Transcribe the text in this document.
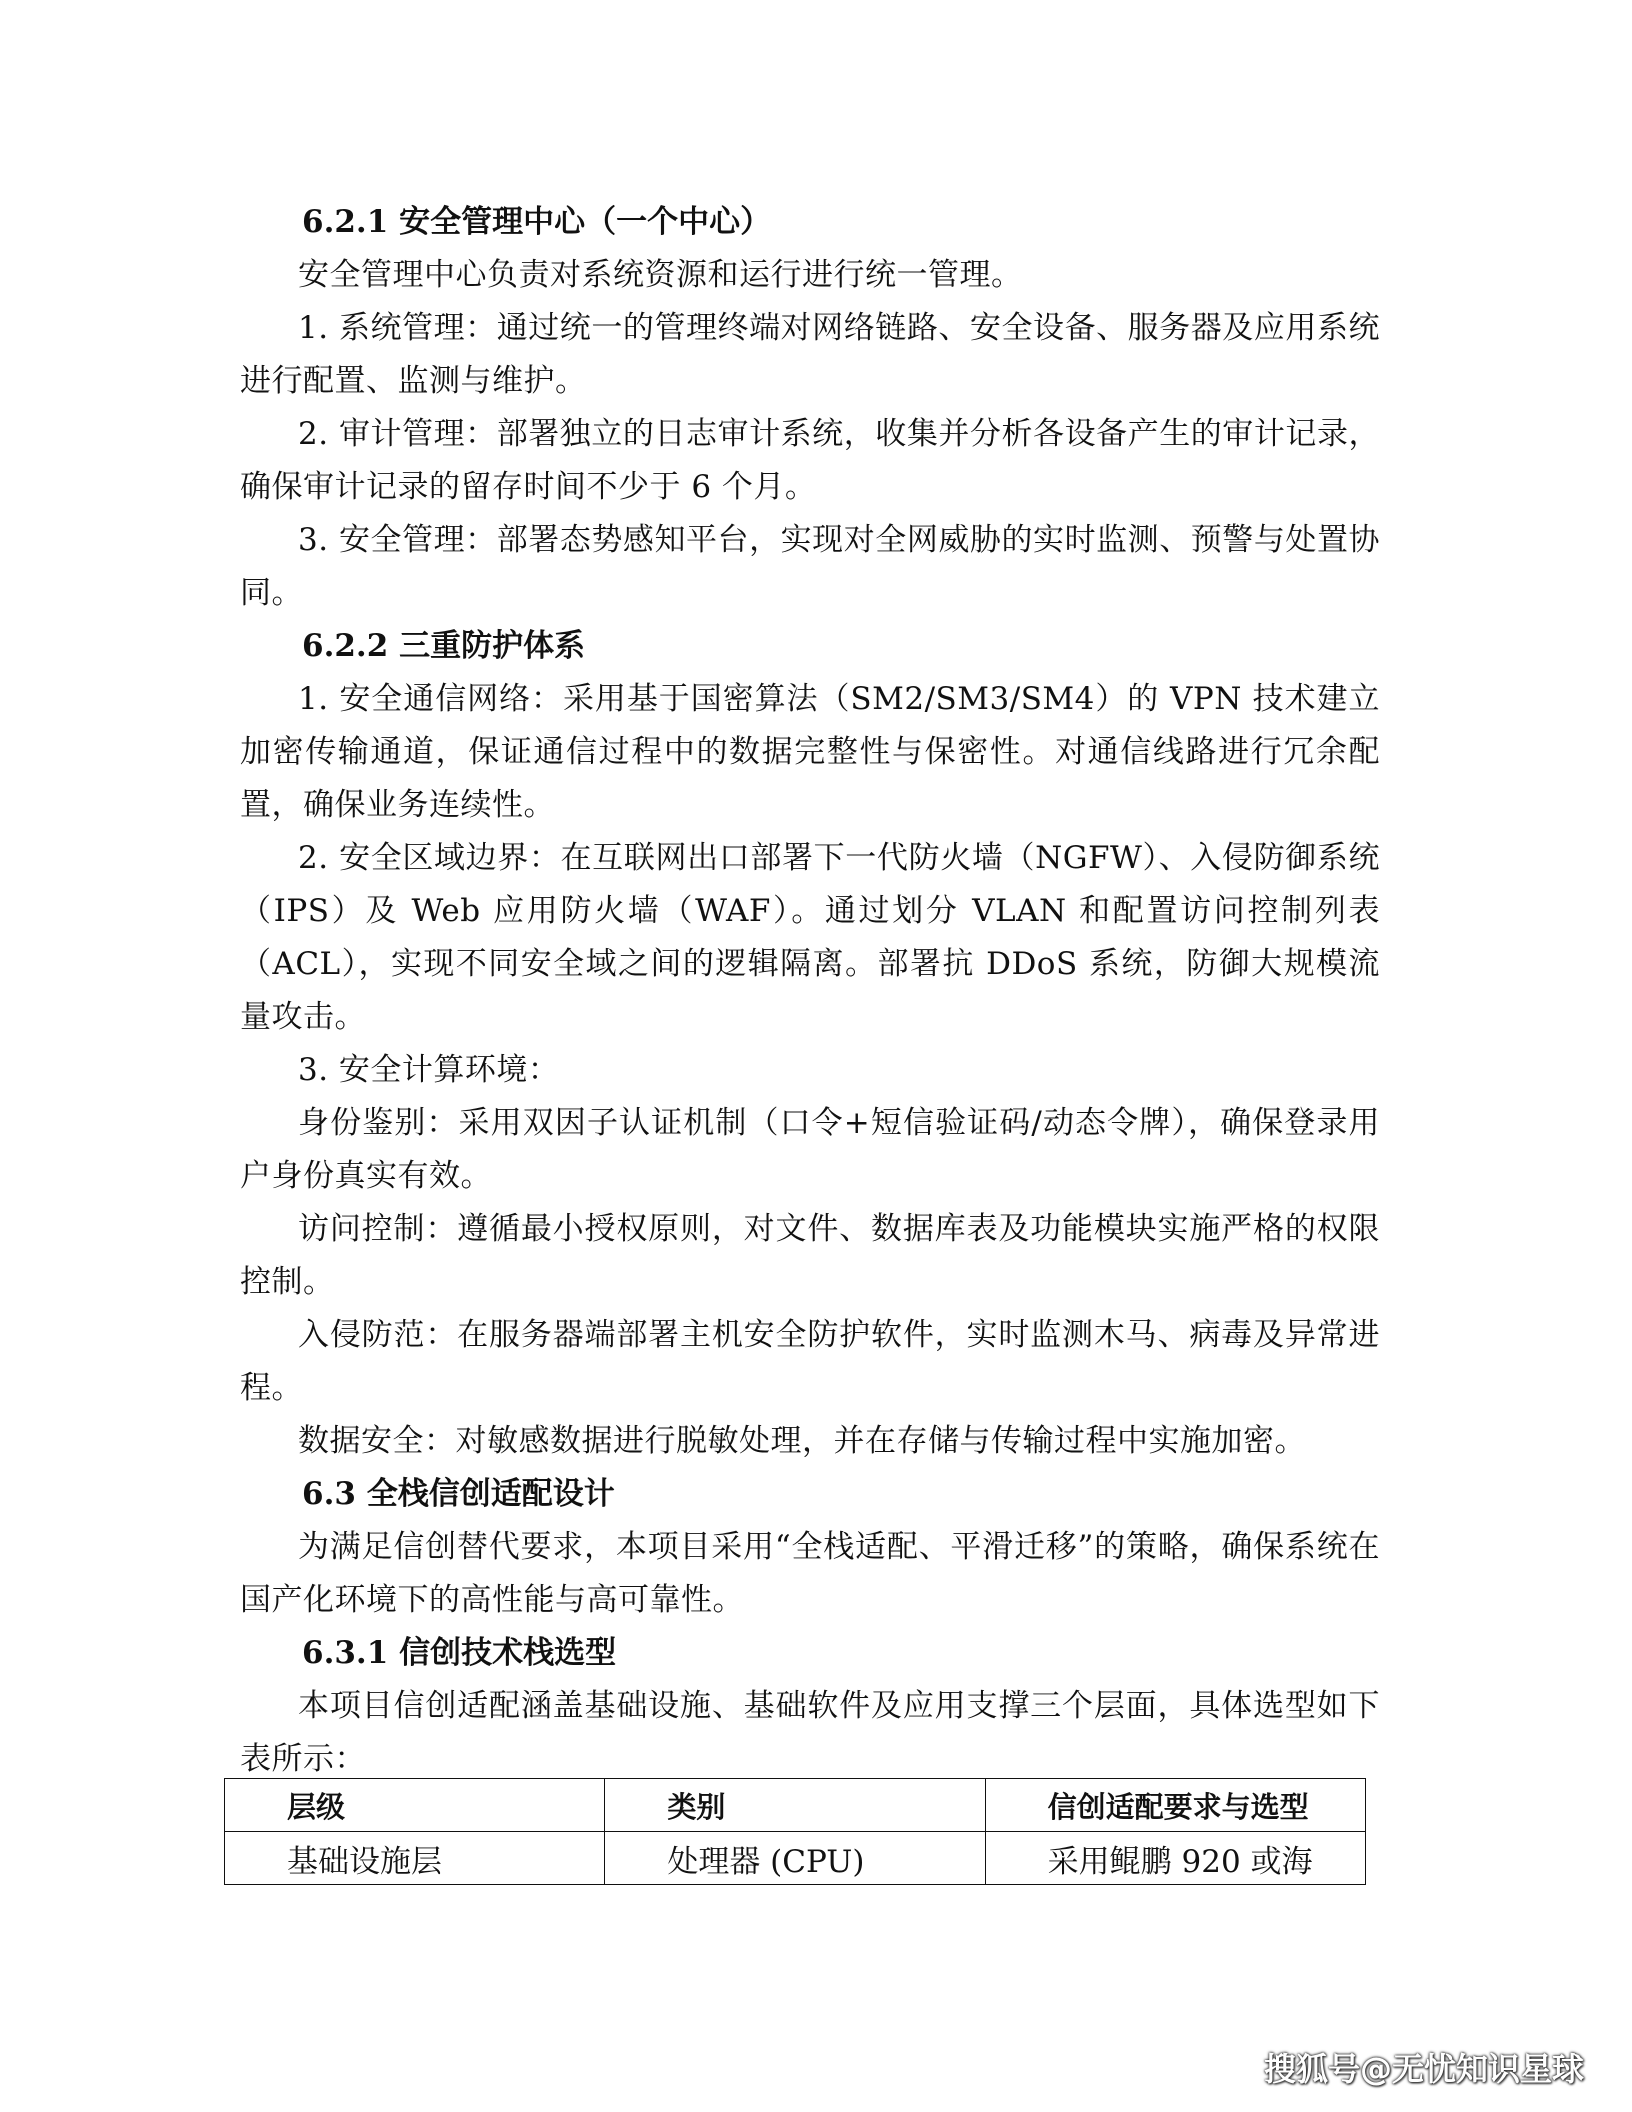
6.2.1 安全管理中心（一个中心）
安全管理中心负责对系统资源和运行进行统一管理。
1. 系统管理：通过统一的管理终端对网络链路、安全设备、服务器及应用系统进行配置、监测与维护。
2. 审计管理：部署独立的日志审计系统，收集并分析各设备产生的审计记录，确保审计记录的留存时间不少于 6 个月。
3. 安全管理：部署态势感知平台，实现对全网威胁的实时监测、预警与处置协同。
6.2.2 三重防护体系
1. 安全通信网络：采用基于国密算法（SM2/SM3/SM4）的 VPN 技术建立加密传输通道，保证通信过程中的数据完整性与保密性。对通信线路进行冗余配置，确保业务连续性。
2. 安全区域边界：在互联网出口部署下一代防火墙（NGFW）、入侵防御系统（IPS）及 Web 应用防火墙（WAF）。通过划分 VLAN 和配置访问控制列表（ACL），实现不同安全域之间的逻辑隔离。部署抗 DDoS 系统，防御大规模流量攻击。
3. 安全计算环境：
身份鉴别：采用双因子认证机制（口令+短信验证码/动态令牌），确保登录用户身份真实有效。
访问控制：遵循最小授权原则，对文件、数据库表及功能模块实施严格的权限控制。
入侵防范：在服务器端部署主机安全防护软件，实时监测木马、病毒及异常进程。
数据安全：对敏感数据进行脱敏处理，并在存储与传输过程中实施加密。
6.3 全栈信创适配设计
为满足信创替代要求，本项目采用“全栈适配、平滑迁移”的策略，确保系统在国产化环境下的高性能与高可靠性。
6.3.1 信创技术栈选型
本项目信创适配涵盖基础设施、基础软件及应用支撑三个层面，具体选型如下表所示：
层级	类别	信创适配要求与选型
基础设施层	处理器 (CPU)	采用鲲鹏 920 或海
搜狐号@无忧知识星球
